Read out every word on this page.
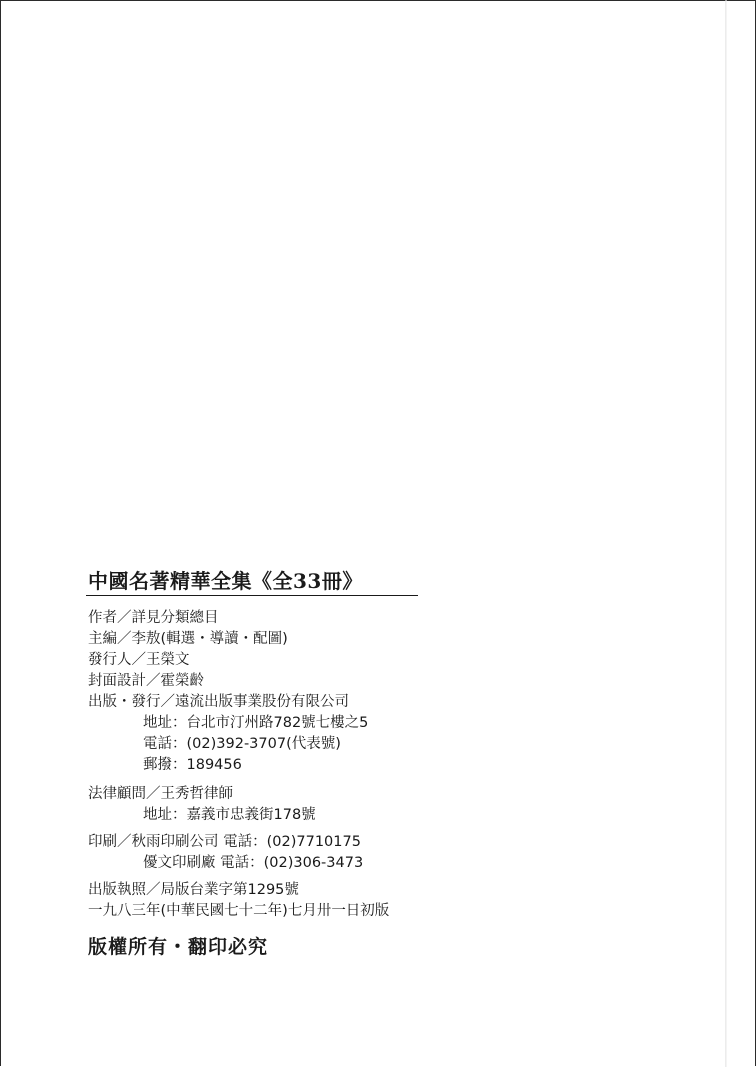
中國名著精華全集《全33冊》
作者／詳見分類總目
主編／李敖(輯選・導讀・配圖)
發行人／王榮文
封面設計／霍榮齡
出版・發行／遠流出版事業股份有限公司
地址：台北市汀州路782號七樓之5
電話：(02)392-3707(代表號)
郵撥：189456
法律顧問／王秀哲律師
地址：嘉義市忠義街178號
印刷／秋雨印刷公司 電話：(02)7710175
優文印刷廠 電話：(02)306-3473
出版執照／局版台業字第1295號
一九八三年(中華民國七十二年)七月卅一日初版
版權所有・翻印必究
